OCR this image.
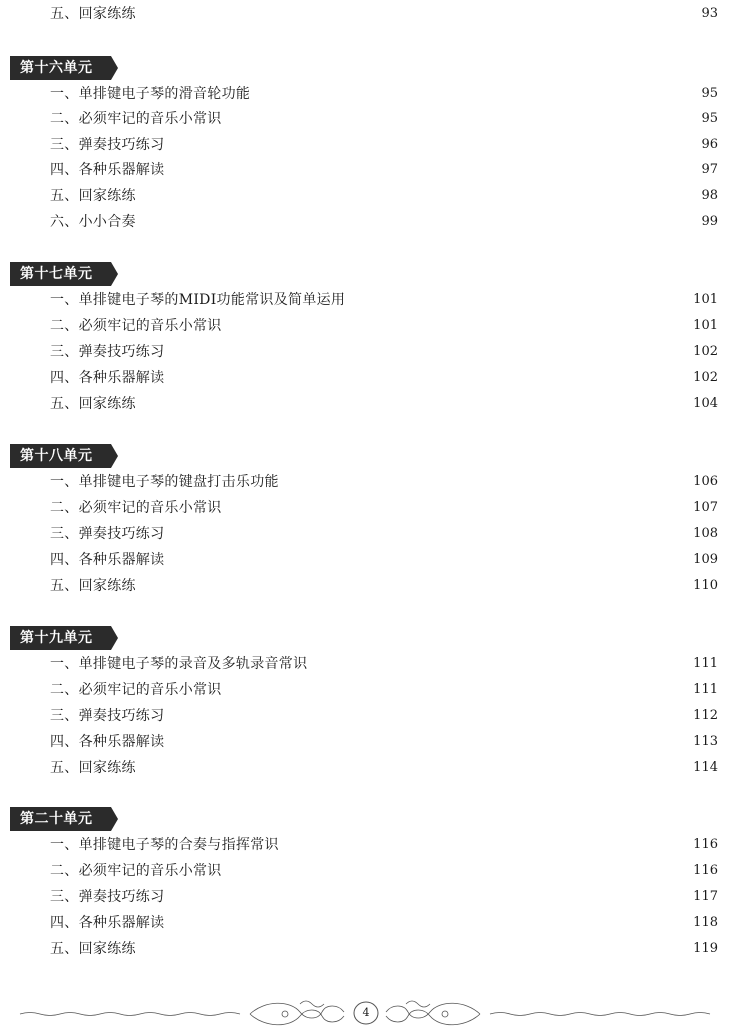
五、回家练练	93
第十六单元
一、单排键电子琴的滑音轮功能	95
二、必须牢记的音乐小常识	95
三、弹奏技巧练习	96
四、各种乐器解读	97
五、回家练练	98
六、小小合奏	99
第十七单元
一、单排键电子琴的MIDI功能常识及简单运用	101
二、必须牢记的音乐小常识	101
三、弹奏技巧练习	102
四、各种乐器解读	102
五、回家练练	104
第十八单元
一、单排键电子琴的键盘打击乐功能	106
二、必须牢记的音乐小常识	107
三、弹奏技巧练习	108
四、各种乐器解读	109
五、回家练练	110
第十九单元
一、单排键电子琴的录音及多轨录音常识	111
二、必须牢记的音乐小常识	111
三、弹奏技巧练习	112
四、各种乐器解读	113
五、回家练练	114
第二十单元
一、单排键电子琴的合奏与指挥常识	116
二、必须牢记的音乐小常识	116
三、弹奏技巧练习	117
四、各种乐器解读	118
五、回家练练	119
4
